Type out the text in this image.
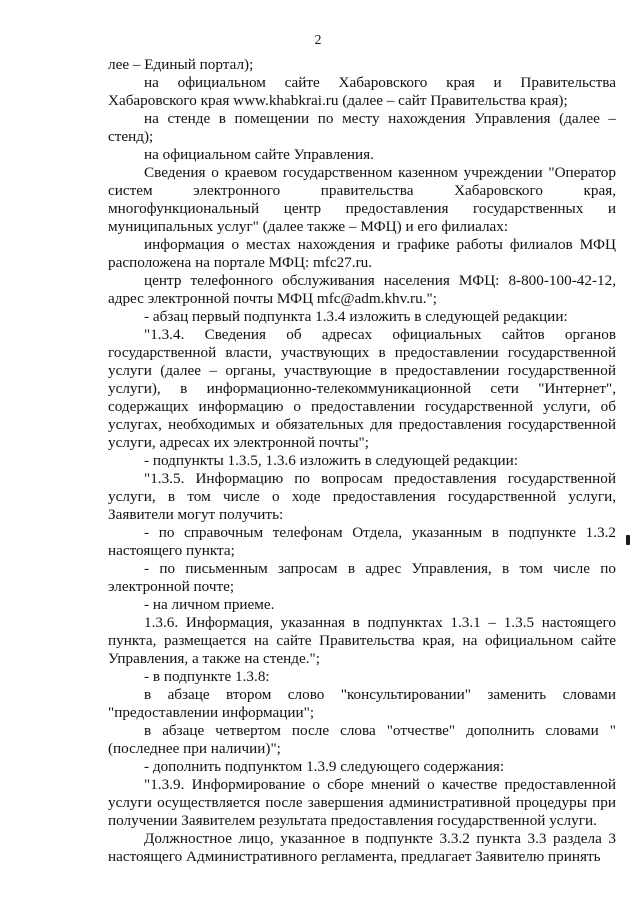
2

лее – Единый портал);

на официальном сайте Хабаровского края и Правительства Хабаровского края www.khabkrai.ru (далее – сайт Правительства края);

на стенде в помещении по месту нахождения Управления (далее – стенд);

на официальном сайте Управления.

Сведения о краевом государственном казенном учреждении "Оператор систем электронного правительства Хабаровского края, многофункциональный центр предоставления государственных и муниципальных услуг" (далее также – МФЦ) и его филиалах:

информация о местах нахождения и графике работы филиалов МФЦ расположена на портале МФЦ: mfc27.ru.

центр телефонного обслуживания населения МФЦ: 8-800-100-42-12, адрес электронной почты МФЦ mfc@adm.khv.ru.";

- абзац первый подпункта 1.3.4 изложить в следующей редакции:

"1.3.4. Сведения об адресах официальных сайтов органов государственной власти, участвующих в предоставлении государственной услуги (далее – органы, участвующие в предоставлении государственной услуги), в информационно-телекоммуникационной сети "Интернет", содержащих информацию о предоставлении государственной услуги, об услугах, необходимых и обязательных для предоставления государственной услуги, адресах их электронной почты";

- подпункты 1.3.5, 1.3.6 изложить в следующей редакции:

"1.3.5. Информацию по вопросам предоставления государственной услуги, в том числе о ходе предоставления государственной услуги, Заявители могут получить:

- по справочным телефонам Отдела, указанным в подпункте 1.3.2 настоящего пункта;

- по письменным запросам в адрес Управления, в том числе по электронной почте;

- на личном приеме.

1.3.6. Информация, указанная в подпунктах 1.3.1 – 1.3.5 настоящего пункта, размещается на сайте Правительства края, на официальном сайте Управления, а также на стенде.";

- в подпункте 1.3.8:

в абзаце втором слово "консультировании" заменить словами "предоставлении информации";

в абзаце четвертом после слова "отчестве" дополнить словами "(последнее при наличии)";

- дополнить подпунктом 1.3.9 следующего содержания:

"1.3.9. Информирование о сборе мнений о качестве предоставленной услуги осуществляется после завершения административной процедуры при получении Заявителем результата предоставления государственной услуги.

Должностное лицо, указанное в подпункте 3.3.2 пункта 3.3 раздела 3 настоящего Административного регламента, предлагает Заявителю принять
